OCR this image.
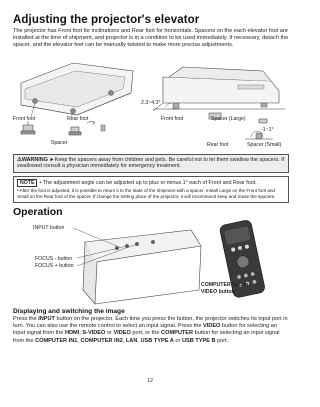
Adjusting the projector's elevator

The projector has Front foot for inclinations and Rear foot for horizontals. Spacers on the each elevator foot are installed at the time of shipment, and projector is in a condition to be used immediately. If necessary, detach the spacer, and the elevator feet can be manually twisted to make more precise adjustments.

Front foot	Rear foot
Spacer
2.3~4.3°
Front foot	Spacer (Large)
-1~1°
Rear foot	Spacer (Small)
⚠WARNING ►Keep the spacers away from children and pets. Be careful not to let them swallow the spacers. If swallowed consult a physician immediately for emergency treatment.
NOTE • The adjustment angle can be adjusted up to plus or minus 1° each of Front and Rear foot.
• After the foot is adjusted, it is possible to return it to the state of the shipment with a spacer. Install Large on the Front foot and Small on the Rear foot of the spacer. If change the setting place of the projector, it will recommend keep and reuse the spacers.
Operation
INPUT button
FOCUS - button
FOCUS + button
COMPUTER button
VIDEO button
Displaying and switching the image

Press the INPUT button on the projector. Each time you press the button, the projector switches its input port in turn. You can also use the remote control to select an input signal. Press the VIDEO button for selecting an input signal from the HDMI, S-VIDEO or VIDEO port, or the COMPUTER button for selecting an input signal from the COMPUTER IN1, COMPUTER IN2, LAN, USB TYPE A or USB TYPE B port.

12
